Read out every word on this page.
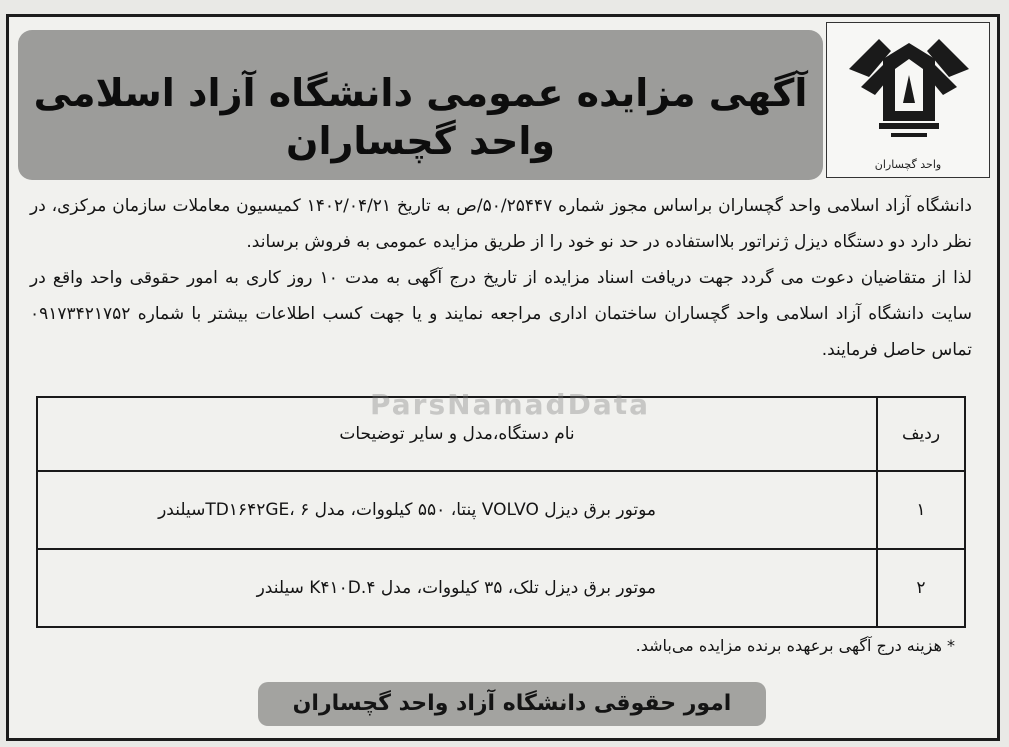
آگهی مزایده عمومی دانشگاه آزاد اسلامی
واحد گچساران
واحد گچساران

دانشگاه آزاد اسلامی واحد گچساران براساس مجوز شماره ۵۰/۲۵۴۴۷/ص به تاریخ ۱۴۰۲/۰۴/۲۱ کمیسیون معاملات سازمان مرکزی، در نظر دارد دو دستگاه دیزل ژنراتور بلااستفاده در حد نو خود را از طریق مزایده عمومی به فروش برساند.

لذا از متقاضیان دعوت می گردد جهت دریافت اسناد مزایده از تاریخ درج آگهی به مدت ۱۰ روز کاری به امور حقوقی واحد واقع در سایت دانشگاه آزاد اسلامی واحد گچساران ساختمان اداری مراجعه نمایند و یا جهت کسب اطلاعات بیشتر با شماره ۰۹۱۷۳۴۲۱۷۵۲ تماس حاصل فرمایند.

ردیف	نام دستگاه،مدل و سایر توضیحات
۱	موتور برق دیزل VOLVO پنتا، ۵۵۰ کیلووات، مدل TD۱۶۴۲GE، ۶سیلندر
۲	موتور برق دیزل تلک، ۳۵ کیلووات، مدل ۴.K۴۱۰D سیلندر
ParsNamadData
* هزینه درج آگهی برعهده برنده مزایده می‌باشد.
امور حقوقی دانشگاه آزاد واحد گچساران
